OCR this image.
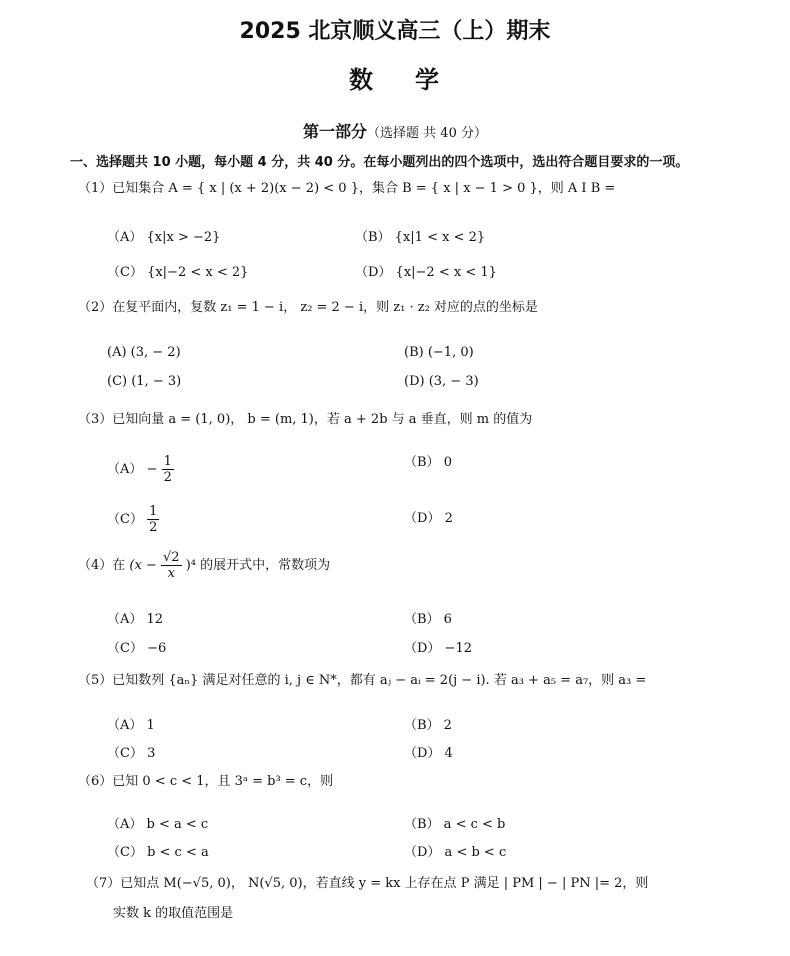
2025 北京顺义高三（上）期末
数 学
第一部分（选择题 共 40 分）
一、选择题共 10 小题，每小题 4 分，共 40 分。在每小题列出的四个选项中，选出符合题目要求的一项。
（1）已知集合 A = { x | (x + 2)(x − 2) < 0 }，集合 B = { x | x − 1 > 0 }，则 A I B =
（A） {x|x > −2}	（B） {x|1 < x < 2}
（C） {x|−2 < x < 2}	（D） {x|−2 < x < 1}
（2）在复平面内，复数 z₁ = 1 − i， z₂ = 2 − i，则 z₁ · z₂ 对应的点的坐标是
(A) (3, − 2)	(B) (−1, 0)
(C) (1, − 3)	(D) (3, − 3)
（3）已知向量 a = (1, 0)， b = (m, 1)，若 a + 2b 与 a 垂直，则 m 的值为
$(A) - \frac{1}{2}$	（B） 0
$(C) \frac{1}{2}$	（D） 2
（4）在 $(x - \frac{√2}{x} )^4$ 的展开式中，常数项为
（A） 12	（B） 6
（C） −6	（D） −12
（5）已知数列 {aₙ} 满足对任意的 i, j ∈ N*，都有 aⱼ − aᵢ = 2(j − i). 若 a₃ + a₅ = a₇，则 a₃ =
（A） 1	（B） 2
（C） 3	（D） 4
（6）已知 0 < c < 1，且 3ᵃ = b³ = c，则
（A） b < a < c	（B） a < c < b
（C） b < c < a	（D） a < b < c
（7）已知点 M(−√5, 0)， N(√5, 0)，若直线 y = kx 上存在点 P 满足 | PM | − | PN |= 2，则
实数 k 的取值范围是
